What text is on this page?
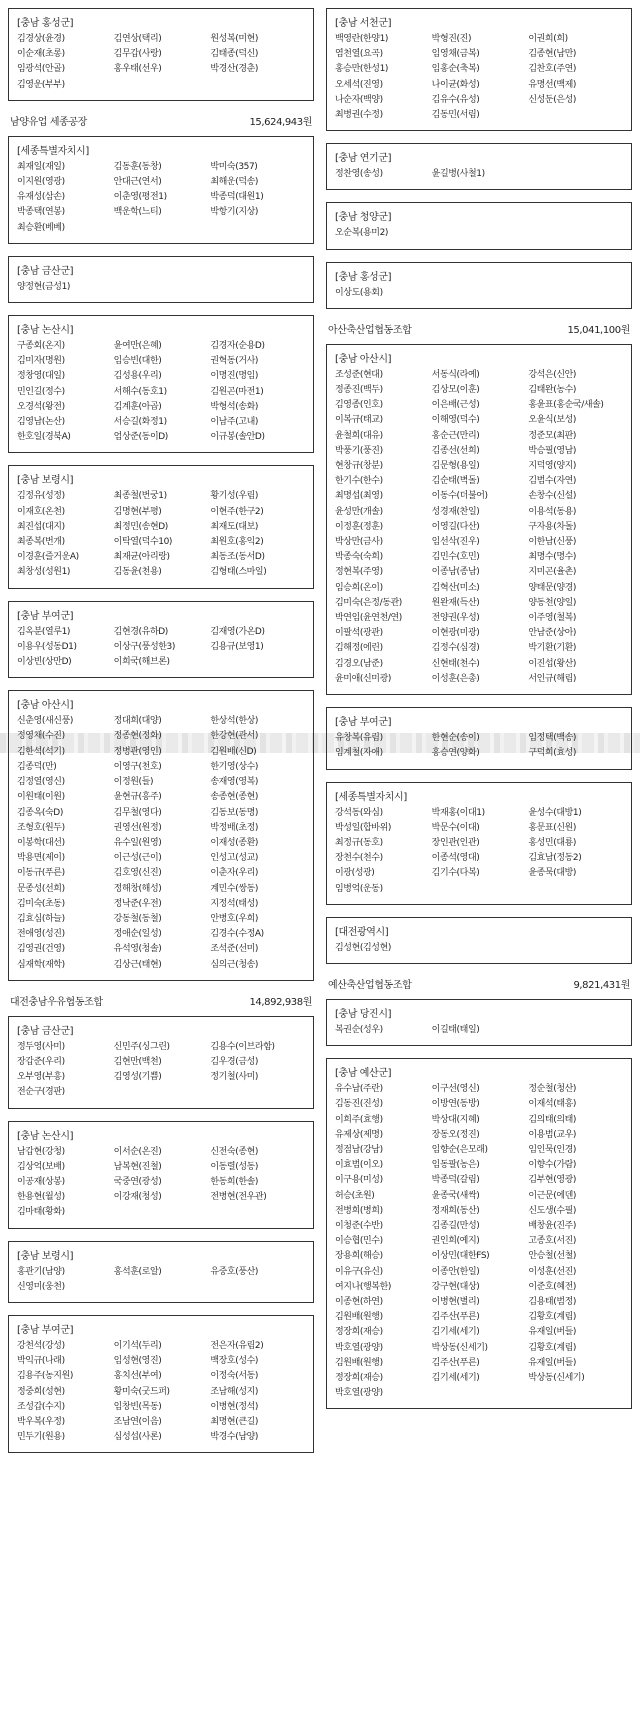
[충남 홍성군]
김경상(윤경)	김연상(택리)	원성복(미현)
이순재(초롱)	김무갑(사랑)	김태종(덕신)
임광석(안골)	홍우태(선우)	박경산(경춘)
김영운(부부)
남양유업 세종공장	15,624,943원
[세종특별자치시]
최재일(재일)	김동훈(동창)	박미숙(357)
이지원(영광)	안대근(연서)	최해운(덕송)
유재성(삼손)	이춘영(평전1)	박종덕(대원1)
박종택(연봉)	백운학(느티)	박항기(지상)
최승환(베베)
[충남 금산군]
양정현(금성1)
[충남 논산시]
구종회(온지)	윤여만(은혜)	김경자(순용D)
김미자(명원)	임승빈(대한)	권혁동(거사)
정창영(대일)	김성용(우리)	이명진(명임)
민인길(정수)	서해수(동호1)	김원곤(마전1)
오경석(왕전)	김계훈(아곱)	박형석(송화)
김영남(논산)	서승길(화정1)	이남주(고내)
한호일(경북A)	엄상준(동이D)	이규봉(솔안D)
[충남 보령시]
김정유(성정)	최종철(번궁1)	황기성(우림)
이재호(온천)	김명현(부평)	이현주(한구2)
최진섭(대지)	최정민(송현D)	최재도(대보)
최종복(번개)	이탁열(덕수10)	최원호(홍익2)
이경훈(즐거운A)	최재균(아리랑)	최동조(동서D)
최창성(성원1)	김동윤(천용)	김형태(스마일)
[충남 부여군]
김옥분(열루1)	김현경(유하D)	김재영(가온D)
이용우(성동D1)	이상구(풍성한3)	김용규(보영1)
이상빈(상만D)	이희국(해브론)
[충남 아산시]
신춘영(새신풍)	정대희(대양)	한상석(한상)
정영채(수진)	정종현(정화)	한강현(관서)
김한석(석기)	정병관(영인)	김원배(신D)
김종덕(만)	이영구(천호)	한기영(상수)
김정열(영신)	이정원(들)	송재영(영복)
이원태(이원)	윤현규(흥주)	송종현(종현)
김종옥(숙D)	김무철(영다)	김동보(동명)
조형호(원두)	권영선(원정)	박정배(초정)
이봉학(대선)	유수일(원영)	이재성(종환)
박용면(제이)	이근성(근이)	인성고(성교)
이동규(푸른)	김호영(신진)	이춘자(우리)
문종성(선희)	정해창(해성)	계민수(쌍동)
김미숙(초동)	정낙준(우전)	지정석(태성)
김효심(하늘)	강동철(동철)	안병호(우희)
전애영(성진)	정애순(일성)	김경수(수정A)
김영권(건영)	유석영(청솔)	조석준(선미)
심재학(재학)	김상근(태현)	심의근(청송)
대전충남우유협동조합	14,892,938원
[충남 금산군]
정두영(사미)	신민주(싱그린)	김용수(이브라함)
장갑준(우리)	김현만(백천)	김우경(금성)
오부영(부흥)	김영성(기쁨)	정기철(사미)
전순구(경판)
[충남 논산시]
남갑현(강청)	이서순(온진)	신전숙(종현)
김상억(보배)	남복현(진철)	이동렬(성동)
이공재(상봉)	국중연(광성)	한동희(한솔)
한용현(월성)	이강재(청성)	전병현(전우관)
김마태(황화)
[충남 보령시]
홍관기(남양)	홍석훈(로알)	유중호(풍산)
신영미(웅천)
[충남 부여군]
강천석(강성)	이기석(두리)	전은자(유림2)
박익규(나래)	임성현(영진)	백장호(성수)
김용주(농지원)	홍치선(부여)	이정숙(서동)
정중희(성현)	황미숙(굿드퍼)	조남해(성지)
조성갑(수지)	임창빈(목동)	이병현(정석)
박우복(우정)	조남연(이음)	최명현(큰길)
민두기(원용)	심성섭(사론)	박경수(남양)
[충남 서천군]
백영란(한양1)	박형진(진)	이권희(희)
염천열(요곡)	임영채(금복)	김종현(남만)
홍승만(한성1)	임홍순(축복)	김찬호(주연)
오세석(진영)	나이균(화성)	유명선(백제)
나순자(백양)	김유수(유성)	신성둔(은성)
최병권(수정)	김동민(서림)
[충남 연기군]
정찬영(송성)	윤길병(사철1)
[충남 청양군]
오순복(용미2)
[충남 홍성군]
이상도(용회)
아산축산업협동조합	15,041,100원
[충남 아산시]
조성준(현대)	서동식(라예)	강석은(신안)
정종진(백두)	김상모(이훈)	김태완(농수)
김영종(인호)	이은배(근성)	홍윤표(홍순국/새솔)
이복규(태교)	이해영(덕수)	오윤식(보성)
윤철희(대유)	홍순근(만리)	정준모(최판)
박풍기(풍진)	김종선(선희)	박승필(영남)
현창규(창분)	김문형(용일)	지덕영(양지)
한기수(한수)	김순태(벽돌)	김범수(자연)
최명섭(최영)	이동수(더불어)	손창수(신설)
윤성만(개솔)	성경재(찬일)	이용석(동용)
이정훈(정훈)	이영길(다산)	구자용(차돌)
박상만(금사)	임선삭(진우)	이한남(신풍)
박종숙(숙희)	김민수(호민)	최명수(명수)
정현복(주영)	이종남(종남)	지미곤(율촌)
임승희(온이)	김혁산(미소)	양태문(양경)
김미숙(은정/동관)	원완재(득산)	양동천(양일)
박연임(윤연천/연)	전양권(우성)	이주영(철복)
이팔석(광관)	이현광(미광)	안남준(상아)
김해정(에린)	김정수(심경)	박기환(기환)
김경오(남준)	신현태(천수)	이진섭(왕산)
윤미애(신미광)	이성훈(은총)	서인규(해림)
[충남 부여군]
유창복(유림)	한현순(송이)	임정택(백송)
임계철(자애)	홍승연(양화)	구덕희(효성)
[세종특별자치시]
강석동(와심)	박재홍(이대1)	윤성수(대방1)
박성일(합바위)	박문수(이대)	홍문표(신원)
최정규(동호)	장인관(인관)	홍성민(대룡)
장천수(천수)	이종석(영대)	김효남(정동2)
이광(성광)	김기수(다복)	윤종묵(대방)
임병억(운동)
[대전광역시]
김성현(김성현)
예산축산업협동조합	9,821,431원
[충남 당진시]
복권순(성우)	이길태(태일)
[충남 예산군]
유수남(주란)	이구선(영신)	정순철(청산)
김동진(진성)	이방연(동방)	이재석(태흥)
이희주(효행)	박상대(지혜)	김의태(의태)
유제상(제명)	장동오(정진)	이용범(교우)
정점남(강남)	임향순(은모래)	임인묵(인경)
이효범(이오)	임동팔(농은)	이향수(가람)
이구용(미성)	박종덕(갈림)	김부현(영광)
허승(초원)	윤종국(새싹)	이근문(에덴)
전병희(병희)	정재희(동산)	신도생(수필)
이청준(수반)	김종길(만성)	배창윤(진주)
이승협(민수)	권인희(예지)	고종호(서진)
장용희(해승)	이상민(대한FS)	안승철(선철)
이유구(유신)	이종안(한일)	이성훈(선진)
여지나(행복한)	강구현(대상)	이준호(혜전)
이종현(하연)	이병현(별리)	김용태(범정)
김원배(원행)	김주산(푸른)	김황호(계림)
정장희(재승)	김기세(세기)	유재일(버들)
박호열(광양)	박상동(신세기)	김황호(계림)
김원배(원행)	김주산(푸른)	유재일(버들)
정장희(재승)	김기세(세기)	박상동(신세기)
박호열(광양)
